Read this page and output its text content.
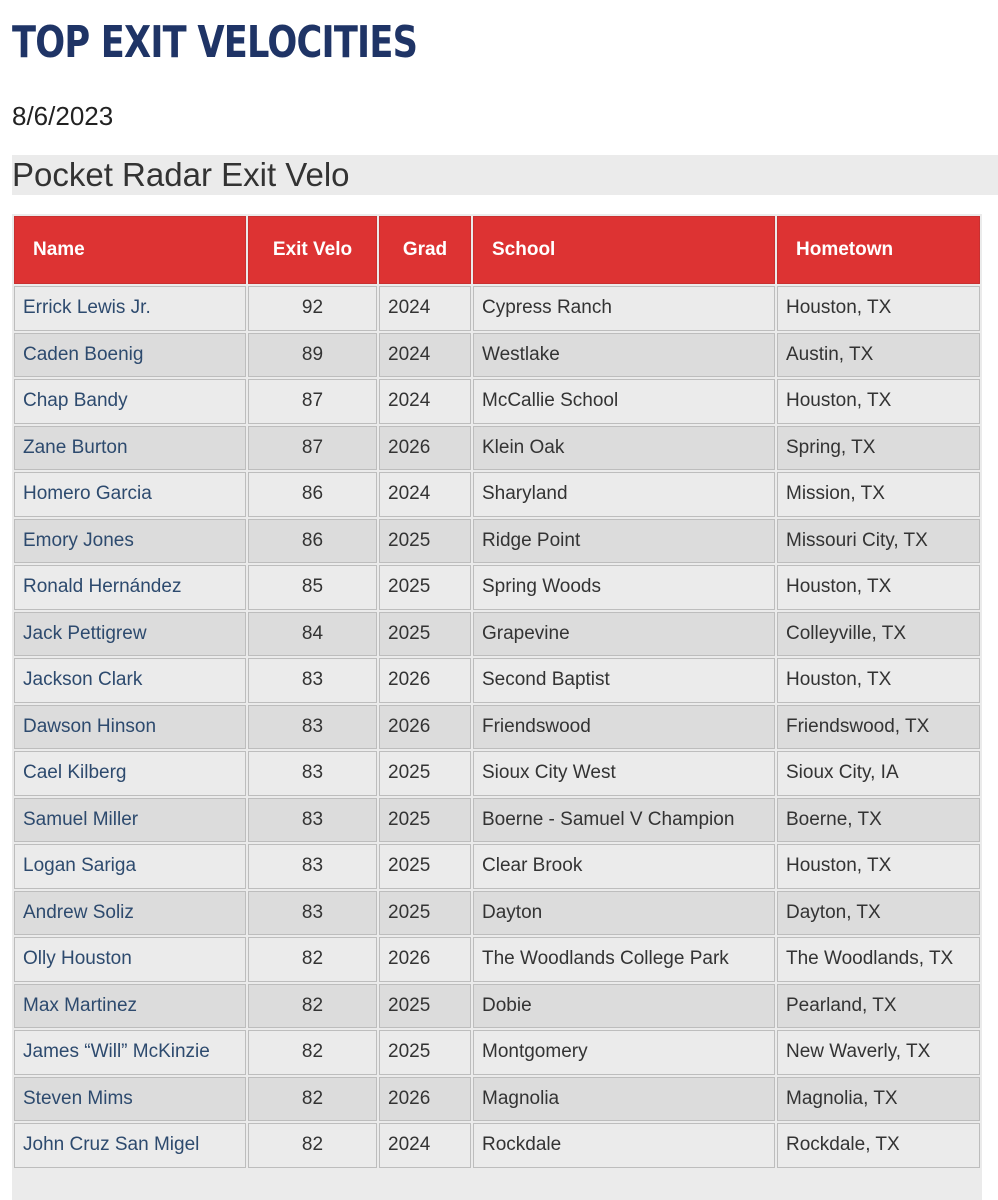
TOP EXIT VELOCITIES
8/6/2023
Pocket Radar Exit Velo
Name	Exit Velo	Grad	School	Hometown
Errick Lewis Jr.	92	2024	Cypress Ranch	Houston, TX
Caden Boenig	89	2024	Westlake	Austin, TX
Chap Bandy	87	2024	McCallie School	Houston, TX
Zane Burton	87	2026	Klein Oak	Spring, TX
Homero Garcia	86	2024	Sharyland	Mission, TX
Emory Jones	86	2025	Ridge Point	Missouri City, TX
Ronald Hernández	85	2025	Spring Woods	Houston, TX
Jack Pettigrew	84	2025	Grapevine	Colleyville, TX
Jackson Clark	83	2026	Second Baptist	Houston, TX
Dawson Hinson	83	2026	Friendswood	Friendswood, TX
Cael Kilberg	83	2025	Sioux City West	Sioux City, IA
Samuel Miller	83	2025	Boerne - Samuel V Champion	Boerne, TX
Logan Sariga	83	2025	Clear Brook	Houston, TX
Andrew Soliz	83	2025	Dayton	Dayton, TX
Olly Houston	82	2026	The Woodlands College Park	The Woodlands, TX
Max Martinez	82	2025	Dobie	Pearland, TX
James “Will” McKinzie	82	2025	Montgomery	New Waverly, TX
Steven Mims	82	2026	Magnolia	Magnolia, TX
John Cruz San Migel	82	2024	Rockdale	Rockdale, TX
